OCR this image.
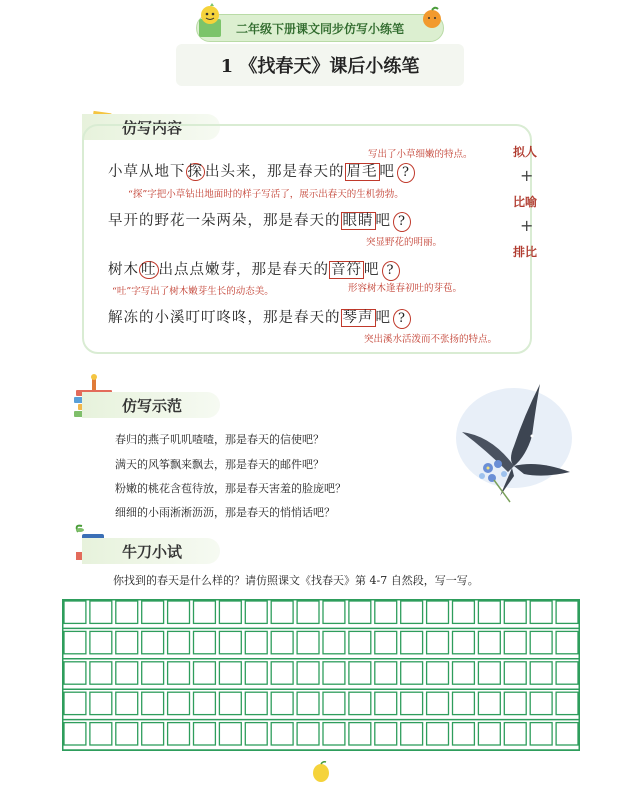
二年级下册课文同步仿写小练笔
1 《找春天》课后小练笔
仿写内容
写出了小草细嫩的特点。
小草从地下 探 出头来，那是春天的 眉毛 吧 ?
“探”字把小草钻出地面时的样子写活了，展示出春天的生机勃勃。
早开的野花一朵两朵，那是春天的 眼睛 吧 ?
突显野花的明丽。
树木 吐 出点点嫩芽，那是春天的 音符 吧 ?
“吐”字写出了树木嫩芽生长的动态美。	形容树木逢春初吐的芽苞。
解冻的小溪叮叮咚咚，那是春天的 琴声 吧 ?
突出溪水活泼而不张扬的特点。
拟人
+
比喻
+
排比
仿写示范
春归的燕子叽叽喳喳，那是春天的信使吧？
满天的风筝飘来飘去，那是春天的邮件吧？
粉嫩的桃花含苞待放，那是春天害羞的脸庞吧？
细细的小雨淅淅沥沥，那是春天的悄悄话吧？
牛刀小试
你找到的春天是什么样的？请仿照课文《找春天》第 4-7 自然段，写一写。
